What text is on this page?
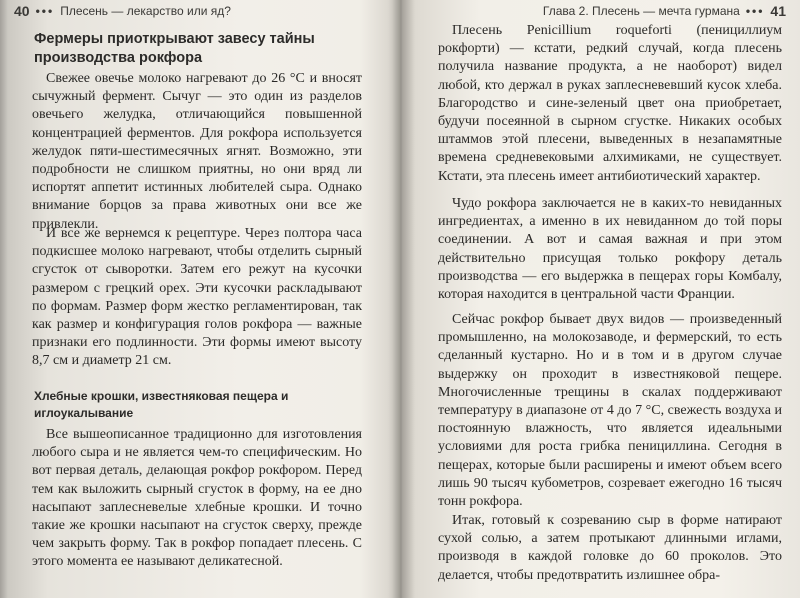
40 ••• Плесень — лекарство или яд?
Фермеры приоткрывают завесу тайны производства рокфора

Свежее овечье молоко нагревают до 26 °С и вносят сычужный фермент. Сычуг — это один из разделов овечьего желудка, отличающийся повышенной концентрацией ферментов. Для рокфора используется желудок пяти-шестимесячных ягнят. Возможно, эти подробности не слишком приятны, но они вряд ли испортят аппетит истинных любителей сыра. Однако внимание борцов за права животных они все же привлекли.

И все же вернемся к рецептуре. Через полтора часа подкисшее молоко нагревают, чтобы отделить сырный сгусток от сыворотки. Затем его режут на кусочки размером с грецкий орех. Эти кусочки раскладывают по формам. Размер форм жестко регламентирован, так как размер и конфигурация голов рокфора — важные признаки его подлинности. Эти формы имеют высоту 8,7 см и диаметр 21 см.

Хлебные крошки, известняковая пещера и иглоукалывание

Все вышеописанное традиционно для изготовления любого сыра и не является чем-то специфическим. Но вот первая деталь, делающая рокфор рокфором. Перед тем как выложить сырный сгусток в форму, на ее дно насыпают заплесневелые хлебные крошки. И точно такие же крошки насыпают на сгусток сверху, прежде чем закрыть форму. Так в рокфор попадает плесень. С этого момента ее называют деликатесной.

Глава 2. Плесень — мечта гурмана ••• 41

Плесень Penicillium roqueforti (пенициллиум рокфорти) — кстати, редкий случай, когда плесень получила название продукта, а не наоборот) видел любой, кто держал в руках заплесневевший кусок хлеба. Благородство и сине-зеленый цвет она приобретает, будучи посеянной в сырном сгустке. Никаких особых штаммов этой плесени, выведенных в незапамятные времена средневековыми алхимиками, не существует. Кстати, эта плесень имеет антибиотический характер.

Чудо рокфора заключается не в каких-то невиданных ингредиентах, а именно в их невиданном до той поры соединении. А вот и самая важная и при этом действительно присущая только рокфору деталь производства — его выдержка в пещерах горы Комбалу, которая находится в центральной части Франции.

Сейчас рокфор бывает двух видов — произведенный промышленно, на молокозаводе, и фермерский, то есть сделанный кустарно. Но и в том и в другом случае выдержку он проходит в известняковой пещере. Многочисленные трещины в скалах поддерживают температуру в диапазоне от 4 до 7 °С, свежесть воздуха и постоянную влажность, что является идеальными условиями для роста грибка пенициллина. Сегодня в пещерах, которые были расширены и имеют объем всего лишь 90 тысяч кубометров, созревает ежегодно 16 тысяч тонн рокфора.

Итак, готовый к созреванию сыр в форме натирают сухой солью, а затем протыкают длинными иглами, производя в каждой головке до 60 проколов. Это делается, чтобы предотвратить излишнее обра-
